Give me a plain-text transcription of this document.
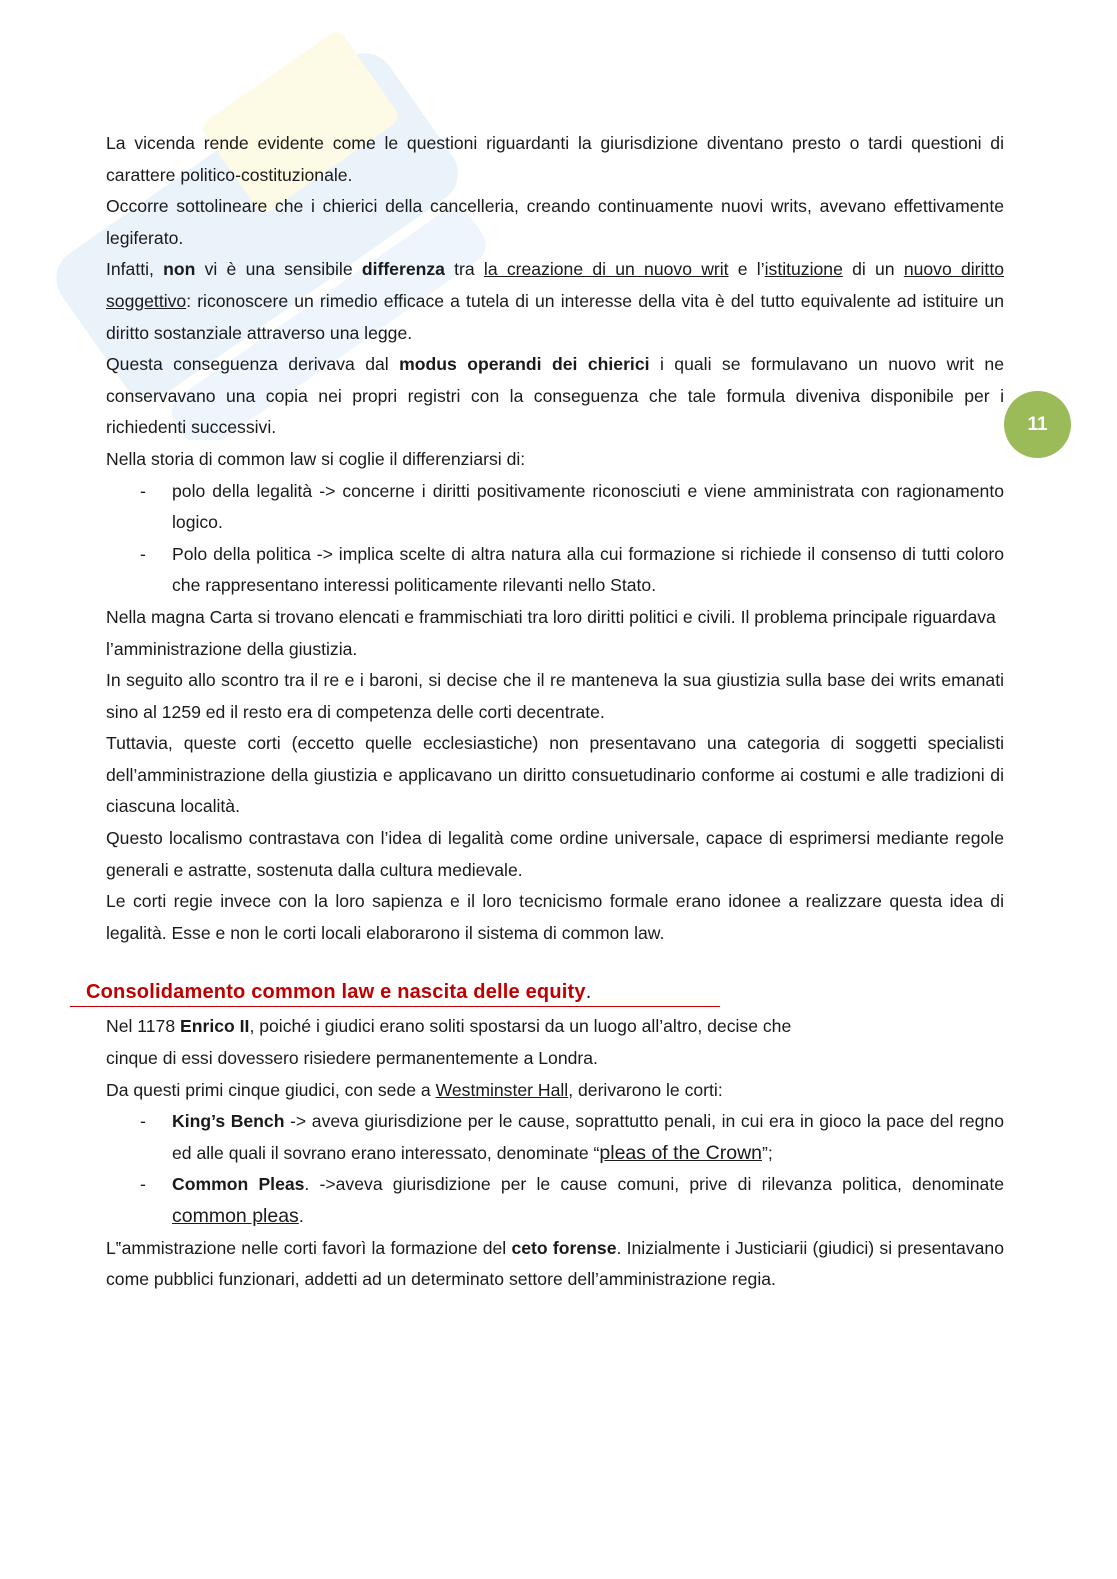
11

La vicenda rende evidente come le questioni riguardanti la giurisdizione diventano presto o tardi questioni di carattere politico-costituzionale.

Occorre sottolineare che i chierici della cancelleria, creando continuamente nuovi writs, avevano effettivamente legiferato.

Infatti, non vi è una sensibile differenza tra la creazione di un nuovo writ e l’istituzione di un nuovo diritto soggettivo: riconoscere un rimedio efficace a tutela di un interesse della vita è del tutto equivalente ad istituire un diritto sostanziale attraverso una legge.

Questa conseguenza derivava dal modus operandi dei chierici i quali se formulavano un nuovo writ ne conservavano una copia nei propri registri con la conseguenza che tale formula diveniva disponibile per i richiedenti successivi.

Nella storia di common law si coglie il differenziarsi di:

- polo della legalità -> concerne i diritti positivamente riconosciuti e viene amministrata con ragionamento logico.
- Polo della politica -> implica scelte di altra natura alla cui formazione si richiede il consenso di tutti coloro che rappresentano interessi politicamente rilevanti nello Stato.

Nella magna Carta si trovano elencati e frammischiati tra loro diritti politici e civili. Il problema principale riguardava l’amministrazione della giustizia.

In seguito allo scontro tra il re e i baroni, si decise che il re manteneva la sua giustizia sulla base dei writs emanati sino al 1259 ed il resto era di competenza delle corti decentrate.

Tuttavia, queste corti (eccetto quelle ecclesiastiche) non presentavano una categoria di soggetti specialisti dell’amministrazione della giustizia e applicavano un diritto consuetudinario conforme ai costumi e alle tradizioni di ciascuna località.

Questo localismo contrastava con l’idea di legalità come ordine universale, capace di esprimersi mediante regole generali e astratte, sostenuta dalla cultura medievale.

Le corti regie invece con la loro sapienza e il loro tecnicismo formale erano idonee a realizzare questa idea di legalità. Esse e non le corti locali elaborarono il sistema di common law.

Consolidamento common law e nascita delle equity.

Nel 1178 Enrico II, poiché i giudici erano soliti spostarsi da un luogo all’altro, decise che
cinque di essi dovessero risiedere permanentemente a Londra.

Da questi primi cinque giudici, con sede a Westminster Hall, derivarono le corti:

- King’s Bench -> aveva giurisdizione per le cause, soprattutto penali, in cui era in gioco la pace del regno ed alle quali il sovrano erano interessato, denominate “pleas of the Crown”;
- Common Pleas. ->aveva giurisdizione per le cause comuni, prive di rilevanza politica, denominate common pleas.

L‟ammistrazione nelle corti favorì la formazione del ceto forense. Inizialmente i Justiciarii (giudici) si presentavano come pubblici funzionari, addetti ad un determinato settore dell’amministrazione regia.
